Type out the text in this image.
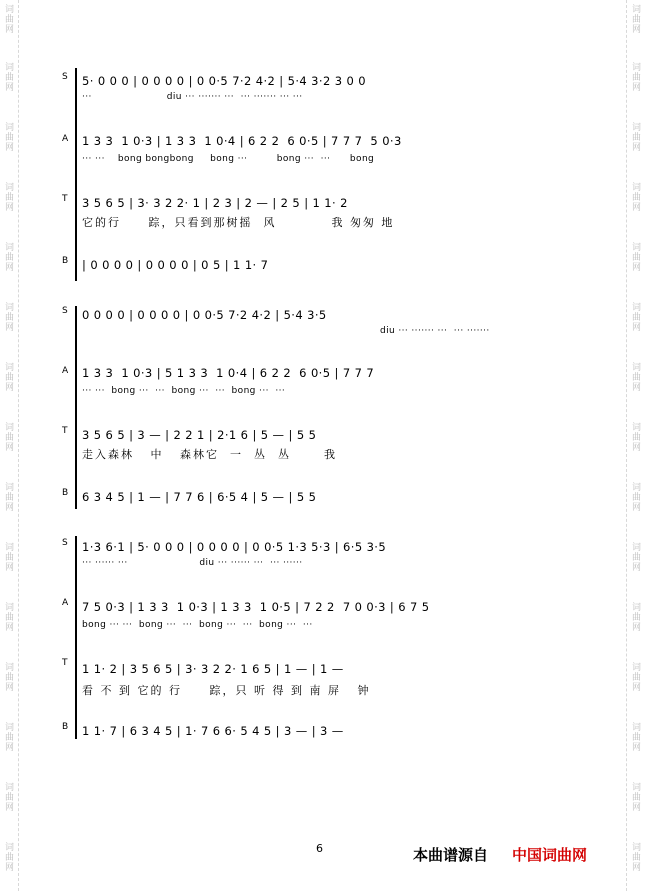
词曲网
词曲网
词曲网
词曲网
词曲网
词曲网
词曲网
词曲网
词曲网
词曲网
词曲网
词曲网
词曲网
词曲网
词曲网
词曲网
词曲网
词曲网
词曲网
词曲网
词曲网
词曲网
词曲网
词曲网
词曲网
词曲网
词曲网
词曲网
词曲网
词曲网
S 5· 0 0 0 | 0 0 0 0 | 0 0·5 7·2 4·2 | 5·4 3·2 3 0 0
···                       diu ··· ······· ···  ··· ······· ··· ···
A 1 3 3  1 0·3 | 1 3 3  1 0·4 | 6 2 2  6 0·5 | 7 7 7  5 0·3
··· ···    bong bongbong     bong ···         bong ···  ···      bong
T 3 5 6 5 | 3· 3 2 2· 1 | 2 3 | 2 — | 2 5 | 1 1· 2
它的行     踪，只看到那树摇  风          我 匆匆 地
B | 0 0 0 0 | 0 0 0 0 | 0 5 | 1 1· 7
S 0 0 0 0 | 0 0 0 0 | 0 0·5 7·2 4·2 | 5·4 3·5
diu ··· ······· ···  ··· ·······
A 1 3 3  1 0·3 | 5 1 3 3  1 0·4 | 6 2 2  6 0·5 | 7 7 7
··· ···  bong ···  ···  bong ···  ···  bong ···  ···
T 3 5 6 5 | 3 — | 2 2 1 | 2·1 6 | 5 — | 5 5
走入森林   中   森林它  一  丛  丛      我
B 6 3 4 5 | 1 — | 7 7 6 | 6·5 4 | 5 — | 5 5
S 1·3 6·1 | 5· 0 0 0 | 0 0 0 0 | 0 0·5 1·3 5·3 | 6·5 3·5
··· ······ ···                      diu ··· ······ ···  ··· ······
A 7 5 0·3 | 1 3 3  1 0·3 | 1 3 3  1 0·5 | 7 2 2  7 0 0·3 | 6 7 5
bong ··· ···  bong ···  ···  bong ···  ···  bong ···  ···
T 1 1· 2 | 3 5 6 5 | 3· 3 2 2· 1 6 5 | 1 — | 1 —
看 不 到 它的 行     踪，只 听 得 到 南 屏   钟
B 1 1· 7 | 6 3 4 5 | 1· 7 6 6· 5 4 5 | 3 — | 3 —
6	本曲谱源自 中国词曲网
